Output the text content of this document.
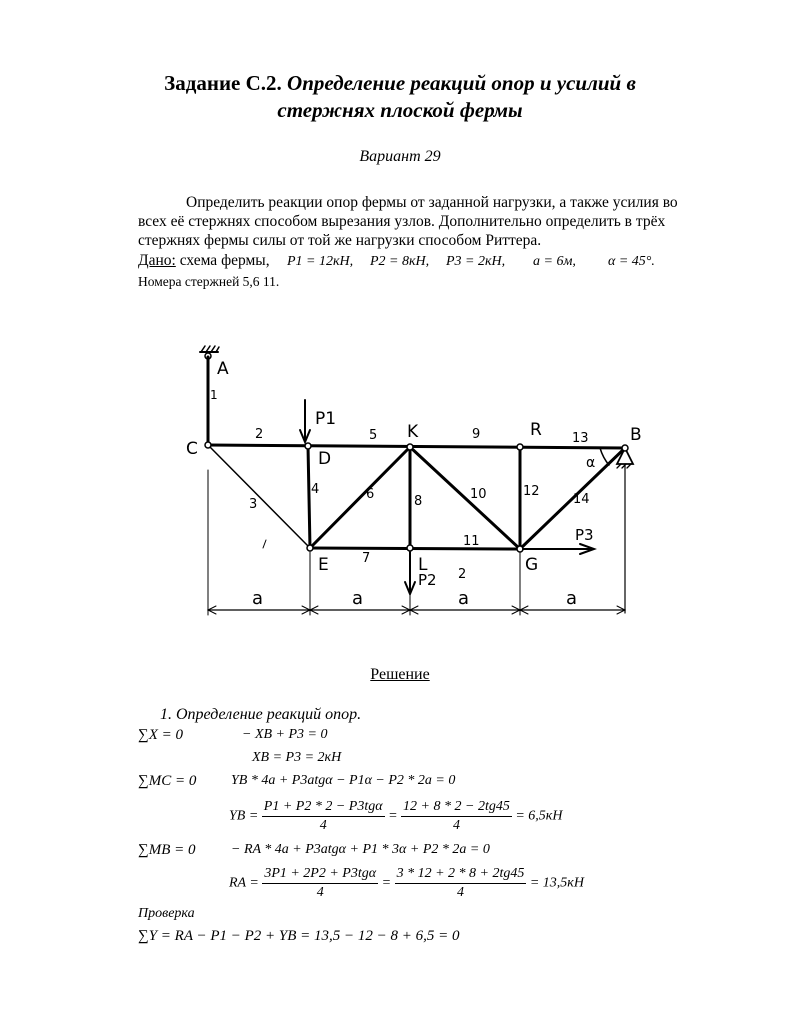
Задание С.2. Определение реакций опор и усилий в
стержнях плоской фермы
Вариант 29
Определить реакции опор фермы от заданной нагрузки, а также усилия во всех её стержнях способом вырезания узлов. Дополнительно определить в трёх стержнях фермы силы от той же нагрузки способом Риттера.
Дано: схема фермы, P1 = 12кН, P2 = 8кН, P3 = 2кН, a = 6м, α = 45°.
Номера стержней 5,6 11.
A
C	D
K	R	B
E	L	G
1
2
3
4
5
6
7
8
9
10
11
12
13
14
P1
P2
P3
α
2
a	a	a	a
Решение
1. Определение реакций опор.
∑X = 0	− XB + P3 = 0
XB = P3 = 2кН
∑MC = 0 YB * 4a + P3atgα − P1α − P2 * 2a = 0
YB = $\frac{\text{P1 + P2 * 2 − P3tgα}}{4} = \frac{12 + 8 * 2 - 2tg45}{4} = 6,5кН$
∑MB = 0	− RA * 4a + P3atgα + P1 * 3α + P2 * 2a = 0
RA = $\frac{\text{3P1 + 2P2 + P3tgα}}{4} = \frac{3 * 12 + 2 * 8 + 2tg45}{4} = 13,5кН$
Проверка
∑Y = RA − P1 − P2 + YB = 13,5 − 12 − 8 + 6,5 = 0
